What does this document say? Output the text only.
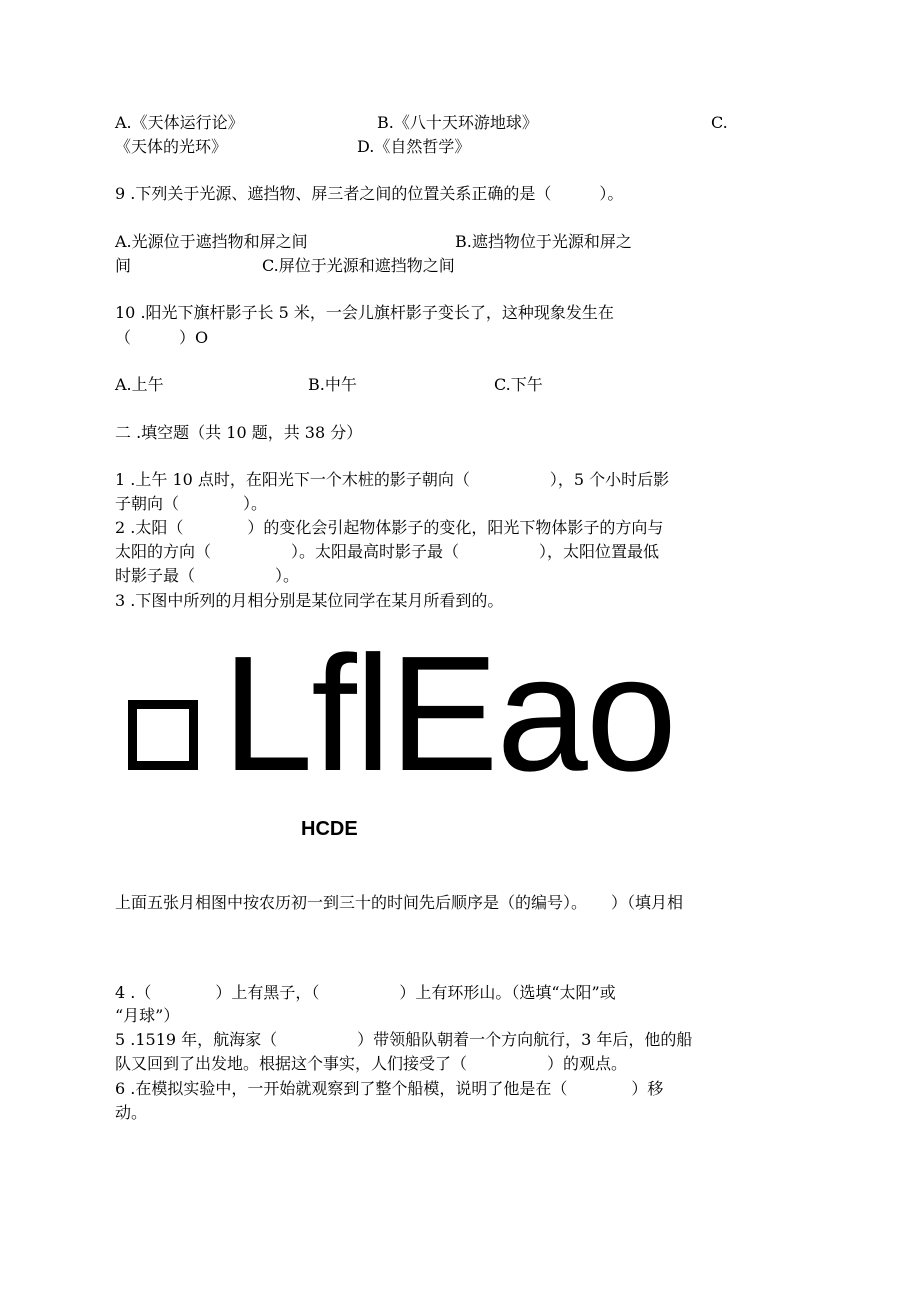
A.《天体运行论》	B.《八十天环游地球》	C.

《天体的光环》	D.《自然哲学》

9 .下列关于光源、遮挡物、屏三者之间的位置关系正确的是（　　　）。

A.光源位于遮挡物和屏之间	B.遮挡物位于光源和屏之

间	C.屏位于光源和遮挡物之间

10 .阳光下旗杆影子长 5 米，一会儿旗杆影子变长了，这种现象发生在

（　　　）O

A.上午	B.中午	C.下午

二 .填空题（共 10 题，共 38 分）

1 .上午 10 点时，在阳光下一个木桩的影子朝向（　　　　　），5 个小时后影

子朝向（　　　　）。

2 .太阳（　　　　）的变化会引起物体影子的变化，阳光下物体影子的方向与

太阳的方向（　　　　　）。太阳最高时影子最（　　　　　），太阳位置最低

时影子最（　　　　　）。

3 .下图中所列的月相分别是某位同学在某月所看到的。

LflEao
HCDE

上面五张月相图中按农历初一到三十的时间先后顺序是（的编号）。　　）（填月相

4 .（　　　　）上有黑子，（　　　　　）上有环形山。（选填“太阳”或

“月球”）

5 .1519 年，航海家（　　　　　）带领船队朝着一个方向航行，3 年后，他的船

队又回到了出发地。根据这个事实，人们接受了（　　　　　）的观点。

6 .在模拟实验中，一开始就观察到了整个船模，说明了他是在（　　　　）移

动。
